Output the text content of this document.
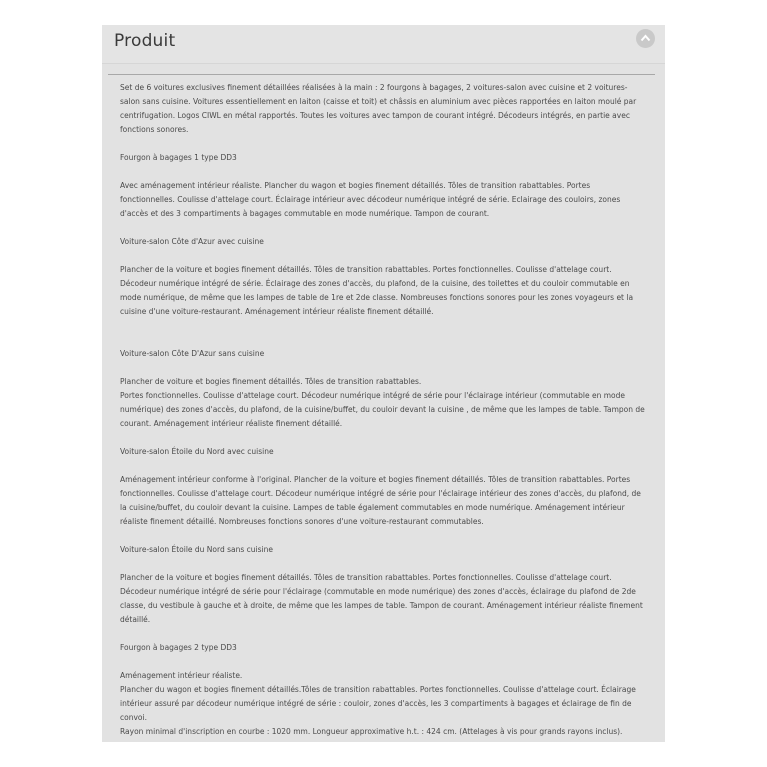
Produit

Set de 6 voitures exclusives finement détaillées réalisées à la main : 2 fourgons à bagages, 2 voitures-salon avec cuisine et 2 voitures-salon sans cuisine. Voitures essentiellement en laiton (caisse et toit) et châssis en aluminium avec pièces rapportées en laiton moulé par centrifugation. Logos CIWL en métal rapportés. Toutes les voitures avec tampon de courant intégré. Décodeurs intégrés, en partie avec fonctions sonores.

Fourgon à bagages 1 type DD3

Avec aménagement intérieur réaliste. Plancher du wagon et bogies finement détaillés. Tôles de transition rabattables. Portes fonctionnelles. Coulisse d'attelage court. Éclairage intérieur avec décodeur numérique intégré de série. Eclairage des couloirs, zones d'accès et des 3 compartiments à bagages commutable en mode numérique. Tampon de courant.

Voiture-salon Côte d'Azur avec cuisine

Plancher de la voiture et bogies finement détaillés. Tôles de transition rabattables. Portes fonctionnelles. Coulisse d'attelage court. Décodeur numérique intégré de série. Éclairage des zones d'accès, du plafond, de la cuisine, des toilettes et du couloir commutable en mode numérique, de même que les lampes de table de 1re et 2de classe. Nombreuses fonctions sonores pour les zones voyageurs et la cuisine d'une voiture-restaurant. Aménagement intérieur réaliste finement détaillé.

Voiture-salon Côte D'Azur sans cuisine

Plancher de voiture et bogies finement détaillés. Tôles de transition rabattables.

Portes fonctionnelles. Coulisse d'attelage court. Décodeur numérique intégré de série pour l'éclairage intérieur (commutable en mode numérique) des zones d'accès, du plafond, de la cuisine/buffet, du couloir devant la cuisine , de même que les lampes de table. Tampon de courant. Aménagement intérieur réaliste finement détaillé.

Voiture-salon Étoile du Nord avec cuisine

Aménagement intérieur conforme à l'original. Plancher de la voiture et bogies finement détaillés. Tôles de transition rabattables. Portes fonctionnelles. Coulisse d'attelage court. Décodeur numérique intégré de série pour l'éclairage intérieur des zones d'accès, du plafond, de la cuisine/buffet, du couloir devant la cuisine. Lampes de table également commutables en mode numérique. Aménagement intérieur réaliste finement détaillé. Nombreuses fonctions sonores d'une voiture-restaurant commutables.

Voiture-salon Étoile du Nord sans cuisine

Plancher de la voiture et bogies finement détaillés. Tôles de transition rabattables. Portes fonctionnelles. Coulisse d'attelage court. Décodeur numérique intégré de série pour l'éclairage (commutable en mode numérique) des zones d'accès, éclairage du plafond de 2de classe, du vestibule à gauche et à droite, de même que les lampes de table. Tampon de courant. Aménagement intérieur réaliste finement détaillé.

Fourgon à bagages 2 type DD3

Aménagement intérieur réaliste.

Plancher du wagon et bogies finement détaillés.Tôles de transition rabattables. Portes fonctionnelles. Coulisse d'attelage court. Éclairage intérieur assuré par décodeur numérique intégré de série : couloir, zones d'accès, les 3 compartiments à bagages et éclairage de fin de convoi.

Rayon minimal d'inscription en courbe : 1020 mm. Longueur approximative h.t. : 424 cm. (Attelages à vis pour grands rayons inclus).
